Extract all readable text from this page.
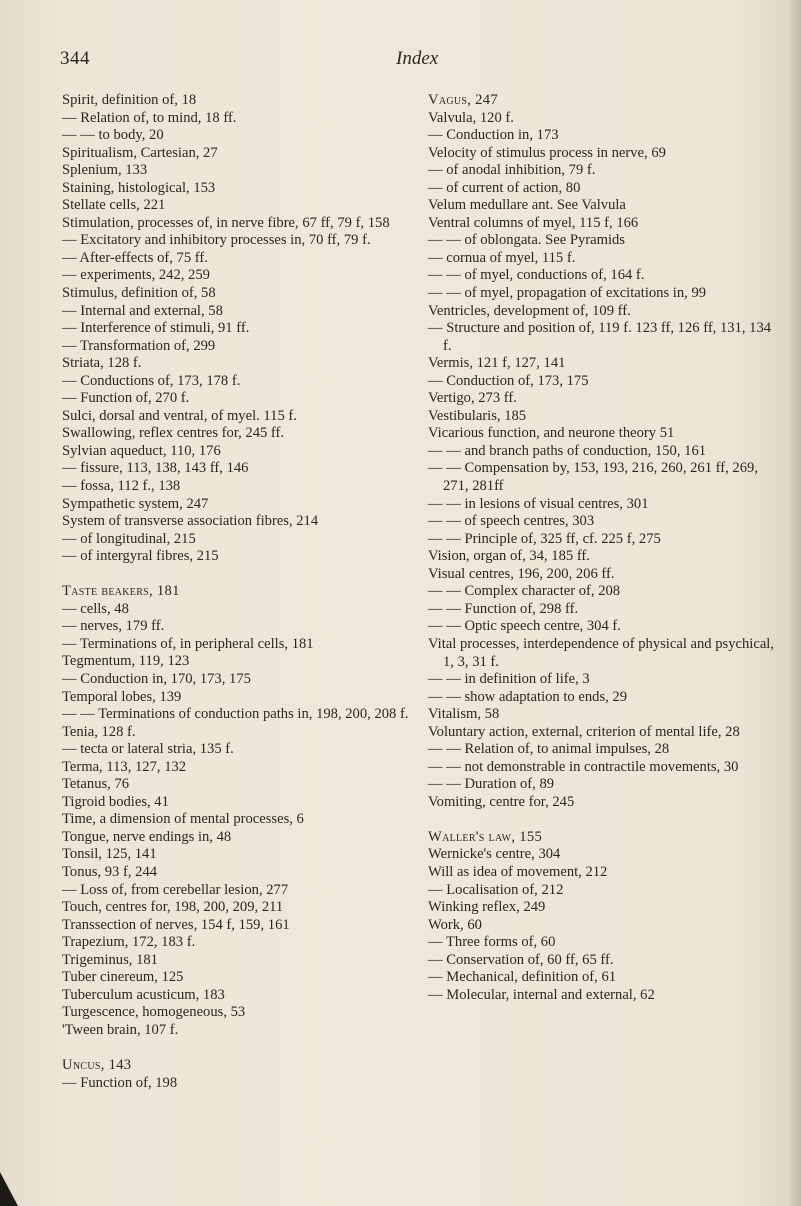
344	Index
Spirit, definition of, 18
— Relation of, to mind, 18 ff.
— — to body, 20
Spiritualism, Cartesian, 27
Splenium, 133
Staining, histological, 153
Stellate cells, 221
Stimulation, processes of, in nerve fibre, 67 ff, 79 f, 158
— Excitatory and inhibitory processes in, 70 ff, 79 f.
— After-effects of, 75 ff.
— experiments, 242, 259
Stimulus, definition of, 58
— Internal and external, 58
— Interference of stimuli, 91 ff.
— Transformation of, 299
Striata, 128 f.
— Conductions of, 173, 178 f.
— Function of, 270 f.
Sulci, dorsal and ventral, of myel. 115 f.
Swallowing, reflex centres for, 245 ff.
Sylvian aqueduct, 110, 176
— fissure, 113, 138, 143 ff, 146
— fossa, 112 f., 138
Sympathetic system, 247
System of transverse association fibres, 214
— of longitudinal, 215
— of intergyral fibres, 215
Taste beakers, 181
— cells, 48
— nerves, 179 ff.
— Terminations of, in peripheral cells, 181
Tegmentum, 119, 123
— Conduction in, 170, 173, 175
Temporal lobes, 139
— — Terminations of conduction paths in, 198, 200, 208 f.
Tenia, 128 f.
— tecta or lateral stria, 135 f.
Terma, 113, 127, 132
Tetanus, 76
Tigroid bodies, 41
Time, a dimension of mental processes, 6
Tongue, nerve endings in, 48
Tonsil, 125, 141
Tonus, 93 f, 244
— Loss of, from cerebellar lesion, 277
Touch, centres for, 198, 200, 209, 211
Transsection of nerves, 154 f, 159, 161
Trapezium, 172, 183 f.
Trigeminus, 181
Tuber cinereum, 125
Tuberculum acusticum, 183
Turgescence, homogeneous, 53
'Tween brain, 107 f.
Uncus, 143
— Function of, 198
Vagus, 247
Valvula, 120 f.
— Conduction in, 173
Velocity of stimulus process in nerve, 69
— of anodal inhibition, 79 f.
— of current of action, 80
Velum medullare ant. See Valvula
Ventral columns of myel, 115 f, 166
— — of oblongata. See Pyramids
— cornua of myel, 115 f.
— — of myel, conductions of, 164 f.
— — of myel, propagation of excitations in, 99
Ventricles, development of, 109 ff.
— Structure and position of, 119 f. 123 ff, 126 ff, 131, 134 f.
Vermis, 121 f, 127, 141
— Conduction of, 173, 175
Vertigo, 273 ff.
Vestibularis, 185
Vicarious function, and neurone theory 51
— — and branch paths of conduction, 150, 161
— — Compensation by, 153, 193, 216, 260, 261 ff, 269, 271, 281ff
— — in lesions of visual centres, 301
— — of speech centres, 303
— — Principle of, 325 ff, cf. 225 f, 275
Vision, organ of, 34, 185 ff.
Visual centres, 196, 200, 206 ff.
— — Complex character of, 208
— — Function of, 298 ff.
— — Optic speech centre, 304 f.
Vital processes, interdependence of physical and psychical, 1, 3, 31 f.
— — in definition of life, 3
— — show adaptation to ends, 29
Vitalism, 58
Voluntary action, external, criterion of mental life, 28
— — Relation of, to animal impulses, 28
— — not demonstrable in contractile movements, 30
— — Duration of, 89
Vomiting, centre for, 245
Waller's law, 155
Wernicke's centre, 304
Will as idea of movement, 212
— Localisation of, 212
Winking reflex, 249
Work, 60
— Three forms of, 60
— Conservation of, 60 ff, 65 ff.
— Mechanical, definition of, 61
— Molecular, internal and external, 62
